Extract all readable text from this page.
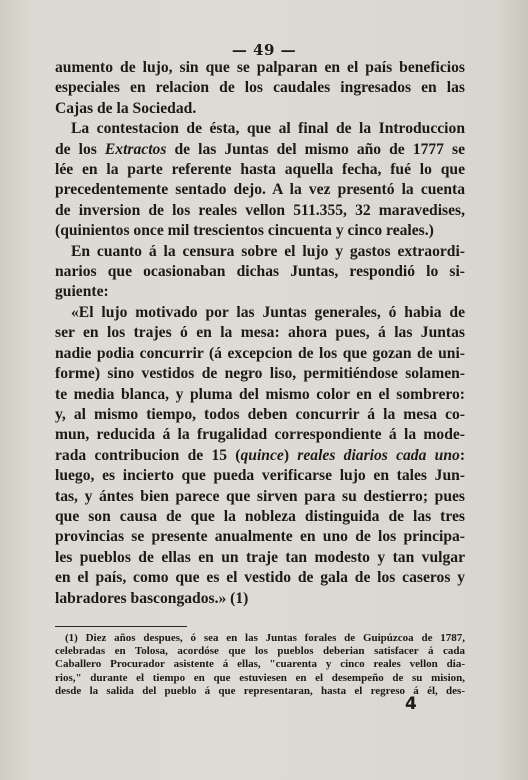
— 49 —
aumento de lujo, sin que se palparan en el país beneficios
especiales en relacion de los caudales ingresados en las
Cajas de la Sociedad.
La contestacion de ésta, que al final de la Introduccion
de los Extractos de las Juntas del mismo año de 1777 se
lée en la parte referente hasta aquella fecha, fué lo que
precedentemente sentado dejo. A la vez presentó la cuenta
de inversion de los reales vellon 511.355, 32 maravedises,
(quinientos once mil trescientos cincuenta y cinco reales.)
En cuanto á la censura sobre el lujo y gastos extraordi-
narios que ocasionaban dichas Juntas, respondió lo si-
guiente:
«El lujo motivado por las Juntas generales, ó habia de
ser en los trajes ó en la mesa: ahora pues, á las Juntas
nadie podia concurrir (á excepcion de los que gozan de uni-
forme) sino vestidos de negro liso, permitiéndose solamen-
te media blanca, y pluma del mismo color en el sombrero:
y, al mismo tiempo, todos deben concurrir á la mesa co-
mun, reducida á la frugalidad correspondiente á la mode-
rada contribucion de 15 (quince) reales diarios cada uno:
luego, es incierto que pueda verificarse lujo en tales Jun-
tas, y ántes bien parece que sirven para su destierro; pues
que son causa de que la nobleza distinguida de las tres
provincias se presente anualmente en uno de los principa-
les pueblos de ellas en un traje tan modesto y tan vulgar
en el país, como que es el vestido de gala de los caseros y
labradores bascongados.» (1)
(1) Diez años despues, ó sea en las Juntas forales de Guipúzcoa de 1787,
celebradas en Tolosa, acordóse que los pueblos deberian satisfacer á cada
Caballero Procurador asistente á ellas, "cuarenta y cinco reales vellon dia-
rios," durante el tiempo en que estuviesen en el desempeño de su mision,
desde la salida del pueblo á que representaran, hasta el regreso á él, des-
4
